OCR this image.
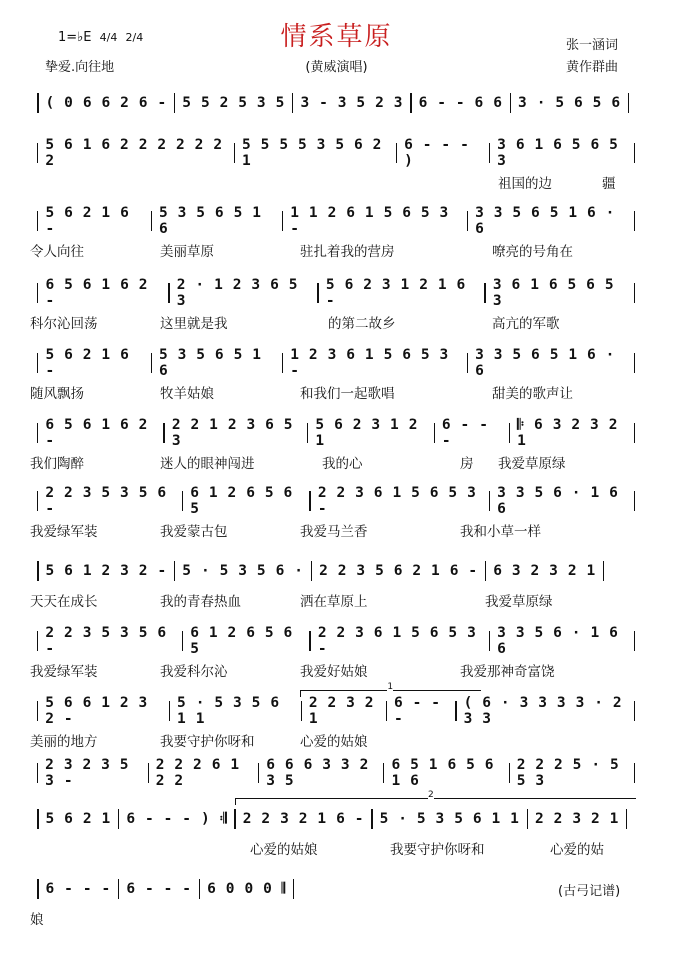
情系草原
1=♭E 4/4 2/4
挚爱.向往地	(黄威演唱)
张一涵词
黄作群曲
( 0 6 6 2 6 - 5 5 2 5 3 5 3 - 3 5 2 3 6 - - 6 6 3 · 5 6 5 6
5 6 1 6 2 2 2 2 2 2 2
5 5 5 5 3 5 6 2 1
6 - - - )
3 6 1 6 5 6 5 3
祖国的边	疆
5 6 2 1 6 -
5 3 5 6 5 1 6
1 1 2 6 1 5 6 5 3 -
3 3 5 6 5 1 6 · 6
令人向往	美丽草原	驻扎着我的营房	嘹亮的号角在
6 5 6 1 6 2 -
2 · 1 2 3 6 5 3
5 6 2 3 1 2 1 6 -
3 6 1 6 5 6 5 3
科尔沁回荡	这里就是我	的第二故乡	高亢的军歌
5 6 2 1 6 -
5 3 5 6 5 1 6
1 2 3 6 1 5 6 5 3 -
3 3 5 6 5 1 6 · 6
随风飘扬	牧羊姑娘	和我们一起歌唱	甜美的歌声让
6 5 6 1 6 2 -
2 2 1 2 3 6 5 3
5 6 2 3 1 2 1
6 - - -
𝄆 6 3 2 3 2 1
我们陶醉	迷人的眼神闯进	我的心	房 我爱草原绿
2 2 3 5 3 5 6 -
6 1 2 6 5 6 5
2 2 3 6 1 5 6 5 3 -
3 3 5 6 · 1 6 6
我爱绿军装	我爱蒙古包	我爱马兰香	我和小草一样
5 6 1 2 3 2 - 5 · 5 3 5 6 · 2 2 3 5 6 2 1 6 - 6 3 2 3 2 1
天天在成长	我的青春热血	洒在草原上	我爱草原绿
2 2 3 5 3 5 6 -
6 1 2 6 5 6 5
2 2 3 6 1 5 6 5 3 -
3 3 5 6 · 1 6 6
我爱绿军装	我爱科尔沁	我爱好姑娘	我爱那神奇富饶
5 6 6 1 2 3 2 -
5 · 5 3 5 6 1 1
2 2 3 2 1
6 - - -
( 6 · 3 3 3 3 · 2 3 3
美丽的地方	我要守护你呀和	心爱的姑娘
1
2 3 2 3 5 3 -
2 2 2 6 1 2 2
6 6 6 3 3 2 3 5
6 5 1 6 5 6 1 6
2 2 2 5 · 5 5 3
5 6 2 1 6 - - - ) 𝄇 2 2 3 2 1 6 - 5 · 5 3 5 6 1 1 2 2 3 2 1
心爱的姑娘	我要守护你呀和	心爱的姑
2
6 - - - 6 - - - 6 0 0 0 𝄂
娘
(古弓记谱)
